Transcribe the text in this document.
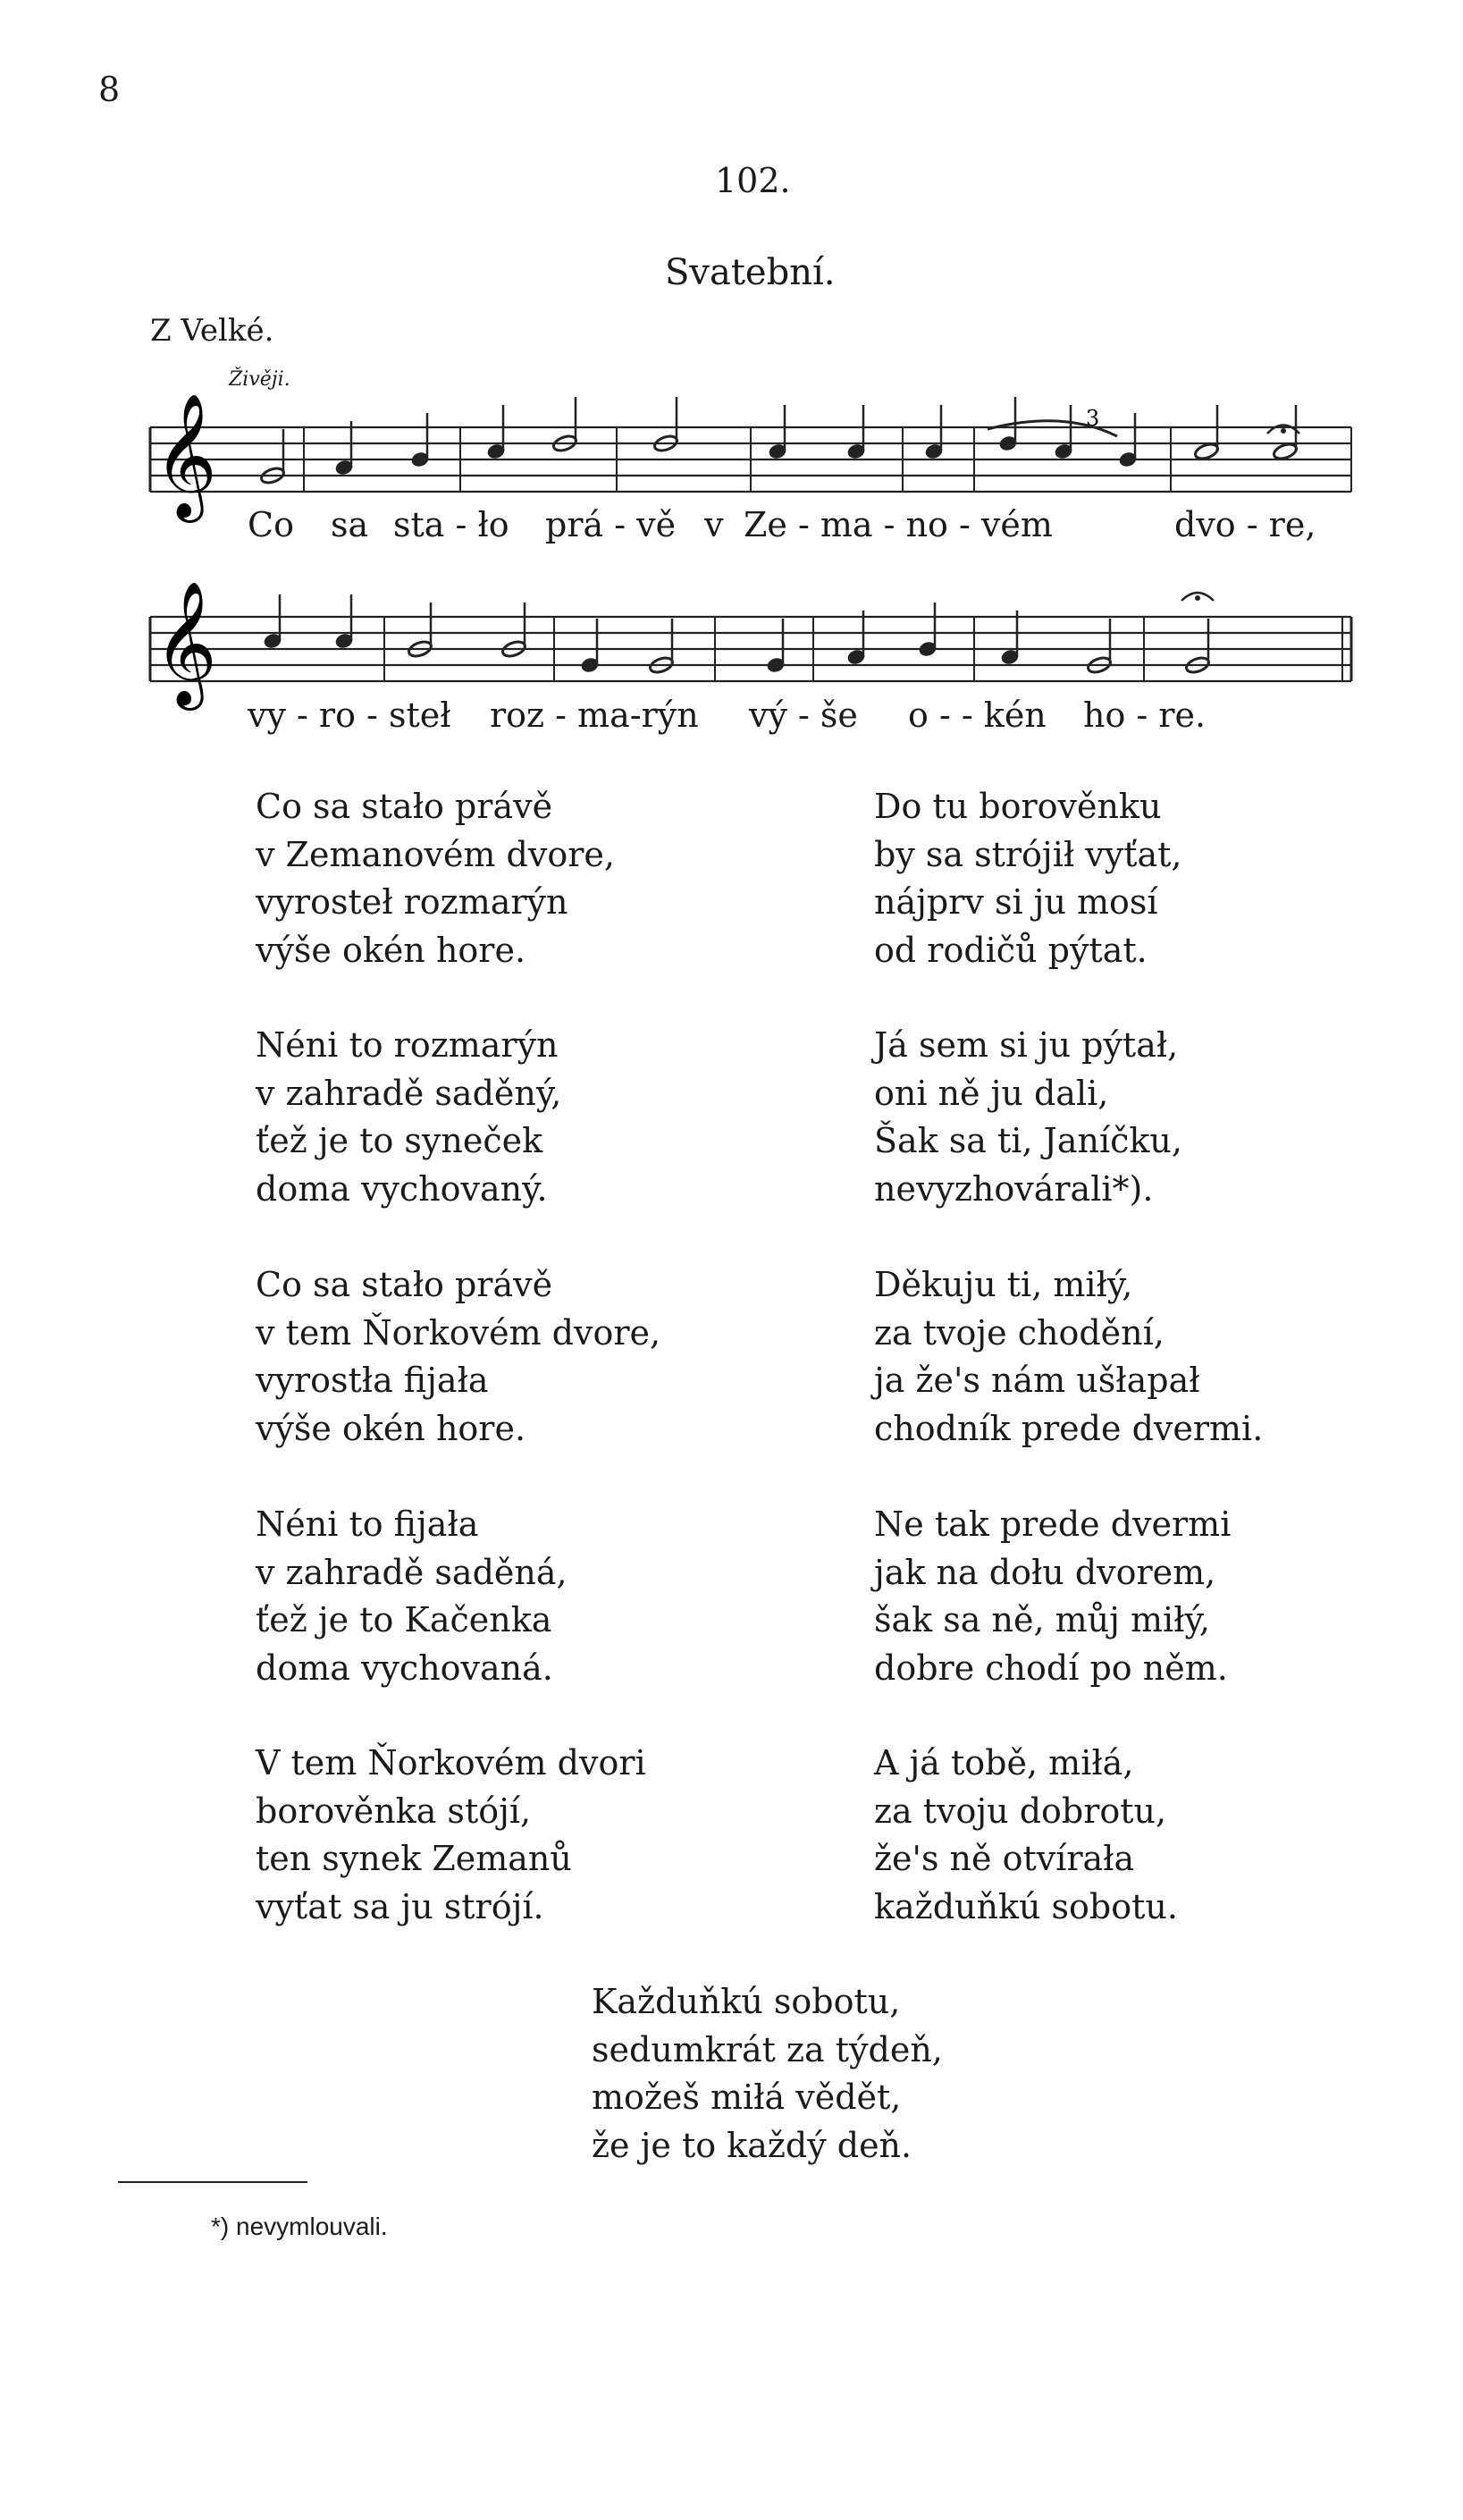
8
102.
Svatební.
Z Velké.
Živěji.
𝄞	3
𝄞
Co sa sta - ło prá - vě v Ze - ma - no - vém	dvo - re,
vy - ro - steł roz - ma-rýn vý - še o - - kén ho - re.
Co sa stało právě
v Zemanovém dvore,
vyrosteł rozmarýn
výše okén hore.
Do tu borověnku
by sa strójił vyťat,
nájprv si ju mosí
od rodičů pýtat.
Néni to rozmarýn
v zahradě saděný,
ťež je to syneček
doma vychovaný.
Já sem si ju pýtał,
oni ně ju dali,
Šak sa ti, Janíčku,
nevyzhovárali*).
Co sa stało právě
v tem Ňorkovém dvore,
vyrostła fijała
výše okén hore.
Děkuju ti, miłý,
za tvoje chodění,
ja že's nám ušłapał
chodník prede dvermi.
Néni to fijała
v zahradě saděná,
ťež je to Kačenka
doma vychovaná.
Ne tak prede dvermi
jak na dołu dvorem,
šak sa ně, můj miłý,
dobre chodí po něm.
V tem Ňorkovém dvori
borověnka stójí,
ten synek Zemanů
vyťat sa ju strójí.
A já tobě, miłá,
za tvoju dobrotu,
že's ně otvírała
každuňkú sobotu.
Každuňkú sobotu,
sedumkrát za týdeň,
možeš miłá vědět,
že je to každý deň.
*) nevymlouvali.
